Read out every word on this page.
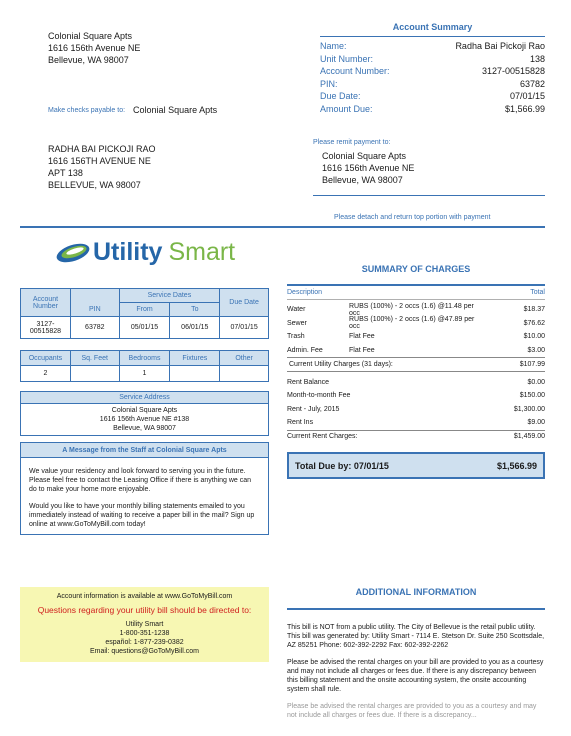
Colonial Square Apts
1616 156th Avenue NE
Bellevue, WA 98007
Make checks payable to: Colonial Square Apts
RADHA BAI PICKOJI RAO
1616 156TH AVENUE NE
APT 138
BELLEVUE, WA 98007
Account Summary
Name:	Radha Bai Pickoji Rao
Unit Number:	138
Account Number:	3127-00515828
PIN:	63782
Due Date:	07/01/15
Amount Due:	$1,566.99
Please remit payment to:
Colonial Square Apts
1616 156th Avenue NE
Bellevue, WA 98007
Please detach and return top portion with payment
Utility Smart
Account Number	PIN	Service Dates		Due Date
		From	To	
3127-00515828	63782	05/01/15	06/01/15	07/01/15
Occupants	Sq. Feet	Bedrooms	Fixtures	Other
2		1		
Service Address
Colonial Square Apts
1616 156th Avenue NE #138
Bellevue, WA 98007
A Message from the Staff at Colonial Square Apts

We value your residency and look forward to serving you in the future. Please feel free to contact the Leasing Office if there is anything we can do to make your home more enjoyable.

Would you like to have your monthly billing statements emailed to you immediately instead of waiting to receive a paper bill in the mail? Sign up online at www.GoToMyBill.com today!

SUMMARY OF CHARGES
Description	Total
Water	RUBS (100%) - 2 occs (1.6) @11.48 per occ	$18.37
Sewer	RUBS (100%) - 2 occs (1.6) @47.89 per occ	$76.62
Trash	Flat Fee	$10.00
Admin. Fee	Flat Fee	$3.00
Current Utility Charges (31 days):	$107.99
Rent Balance	$0.00
Month-to-month Fee	$150.00
Rent - July, 2015	$1,300.00
Rent Ins	$9.00
Current Rent Charges:	$1,459.00
Total Due by: 07/01/15	$1,566.99
Account information is available at www.GoToMyBill.com
Questions regarding your utility bill should be directed to:
Utility Smart
1-800-351-1238
español: 1-877-239-0382
Email: questions@GoToMyBill.com
ADDITIONAL INFORMATION

This bill is NOT from a public utility. The City of Bellevue is the retail public utility. This bill was generated by: Utility Smart - 7114 E. Stetson Dr. Suite 250 Scottsdale, AZ 85251 Phone: 602-392-2292 Fax: 602-392-2262

Please be advised the rental charges on your bill are provided to you as a courtesy and may not include all charges or fees due. If there is any discrepancy between this billing statement and the onsite accounting system, the onsite accounting system shall rule.

Please be advised the rental charges are provided to you as a courtesy and may not include all charges or fees due. If there is a discrepancy...
